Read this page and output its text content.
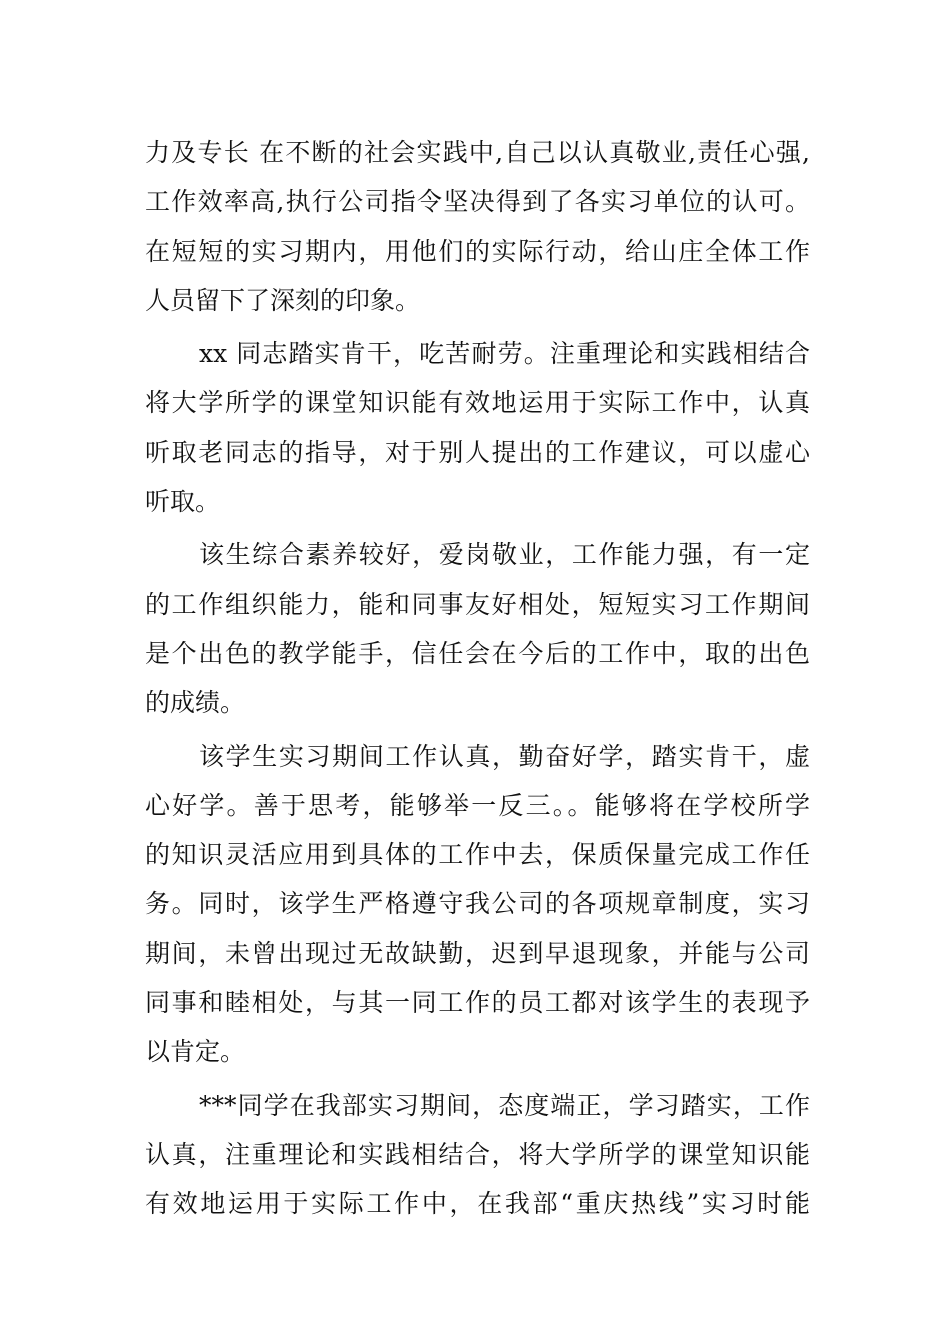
力及专长 在不断的社会实践中,自己以认真敬业,责任心强,
工作效率高,执行公司指令坚决得到了各实习单位的认可。
在短短的实习期内，用他们的实际行动，给山庄全体工作
人员留下了深刻的印象。
xx 同志踏实肯干，吃苦耐劳。注重理论和实践相结合
将大学所学的课堂知识能有效地运用于实际工作中，认真
听取老同志的指导，对于别人提出的工作建议，可以虚心
听取。
该生综合素养较好，爱岗敬业，工作能力强，有一定
的工作组织能力，能和同事友好相处，短短实习工作期间
是个出色的教学能手，信任会在今后的工作中，取的出色
的成绩。
该学生实习期间工作认真，勤奋好学，踏实肯干，虚
心好学。善于思考，能够举一反三。。能够将在学校所学
的知识灵活应用到具体的工作中去，保质保量完成工作任
务。同时，该学生严格遵守我公司的各项规章制度，实习
期间，未曾出现过无故缺勤，迟到早退现象，并能与公司
同事和睦相处，与其一同工作的员工都对该学生的表现予
以肯定。
***同学在我部实习期间，态度端正，学习踏实，工作
认真，注重理论和实践相结合，将大学所学的课堂知识能
有效地运用于实际工作中，在我部“重庆热线”实习时能
